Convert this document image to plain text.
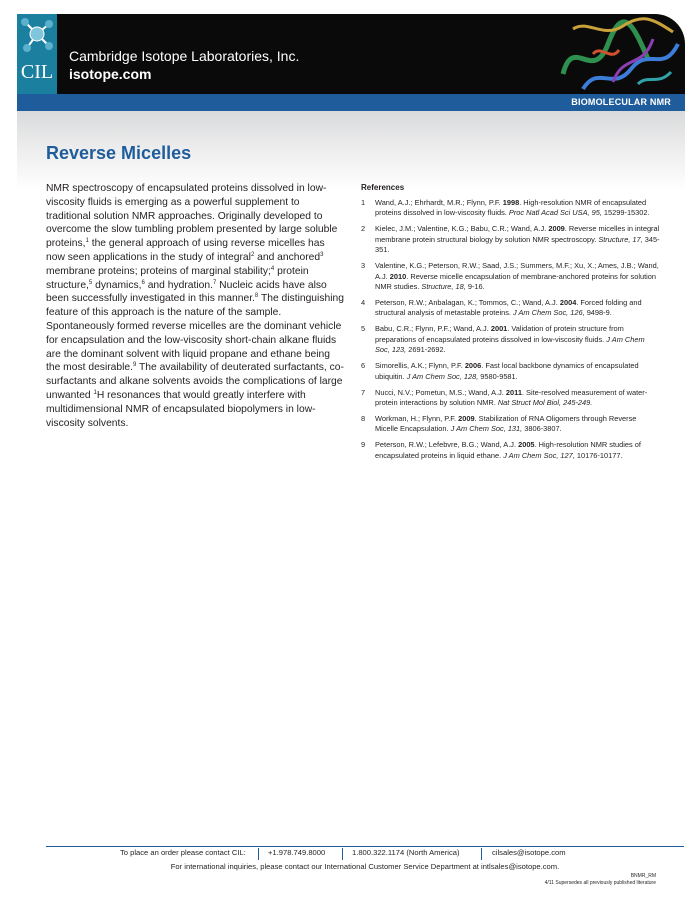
CIL
Cambridge Isotope Laboratories, Inc.
isotope.com
BIOMOLECULAR NMR
Reverse Micelles
NMR spectroscopy of encapsulated proteins dissolved in low-viscosity fluids is emerging as a powerful supplement to traditional solution NMR approaches. Originally developed to overcome the slow tumbling problem presented by large soluble proteins,$^1$ the general approach of using reverse micelles has now seen applications in the study of integral$^2$ and anchored$^3$ membrane proteins; proteins of marginal stability;$^4$ protein structure,$^5$ dynamics,$^6$ and hydration.$^7$ Nucleic acids have also been successfully investigated in this manner.$^8$ The distinguishing feature of this approach is the nature of the sample. Spontaneously formed reverse micelles are the dominant vehicle for encapsulation and the low-viscosity short-chain alkane fluids are the dominant solvent with liquid propane and ethane being the most desirable.$^9$ The availability of deuterated surfactants, co-surfactants and alkane solvents avoids the complications of large unwanted $^1$H resonances that would greatly interfere with multidimensional NMR of encapsulated biopolymers in low-viscosity solvents.
References
1 Wand, A.J.; Ehrhardt, M.R.; Flynn, P.F. 1998. High-resolution NMR of encapsulated proteins dissolved in low-viscosity fluids. Proc Natl Acad Sci USA, 95, 15299-15302.
2 Kielec, J.M.; Valentine, K.G.; Babu, C.R.; Wand, A.J. 2009. Reverse micelles in integral membrane protein structural biology by solution NMR spectroscopy. Structure, 17, 345-351.
3 Valentine, K.G.; Peterson, R.W.; Saad, J.S.; Summers, M.F.; Xu, X.; Ames, J.B.; Wand, A.J. 2010. Reverse micelle encapsulation of membrane-anchored proteins for solution NMR studies. Structure, 18, 9-16.
4 Peterson, R.W.; Anbalagan, K.; Tommos, C.; Wand, A.J. 2004. Forced folding and structural analysis of metastable proteins. J Am Chem Soc, 126, 9498-9.
5 Babu, C.R.; Flynn, P.F.; Wand, A.J. 2001. Validation of protein structure from preparations of encapsulated proteins dissolved in low-viscosity fluids. J Am Chem Soc, 123, 2691-2692.
6 Simorellis, A.K.; Flynn, P.F. 2006. Fast local backbone dynamics of encapsulated ubiquitin. J Am Chem Soc, 128, 9580-9581.
7 Nucci, N.V.; Pometun, M.S.; Wand, A.J. 2011. Site-resolved measurement of water-protein interactions by solution NMR. Nat Struct Mol Biol, 245-249.
8 Workman, H.; Flynn, P.F. 2009. Stabilization of RNA Oligomers through Reverse Micelle Encapsulation. J Am Chem Soc, 131, 3806-3807.
9 Peterson, R.W.; Lefebvre, B.G.; Wand, A.J. 2005. High-resolution NMR studies of encapsulated proteins in liquid ethane. J Am Chem Soc, 127, 10176-10177.
To place an order please contact CIL:	+1.978.749.8000	1.800.322.1174 (North America)	cilsales@isotope.com
For international inquiries, please contact our International Customer Service Department at intlsales@isotope.com.
BNMR_RM
4/11 Supersedes all previously published literature
